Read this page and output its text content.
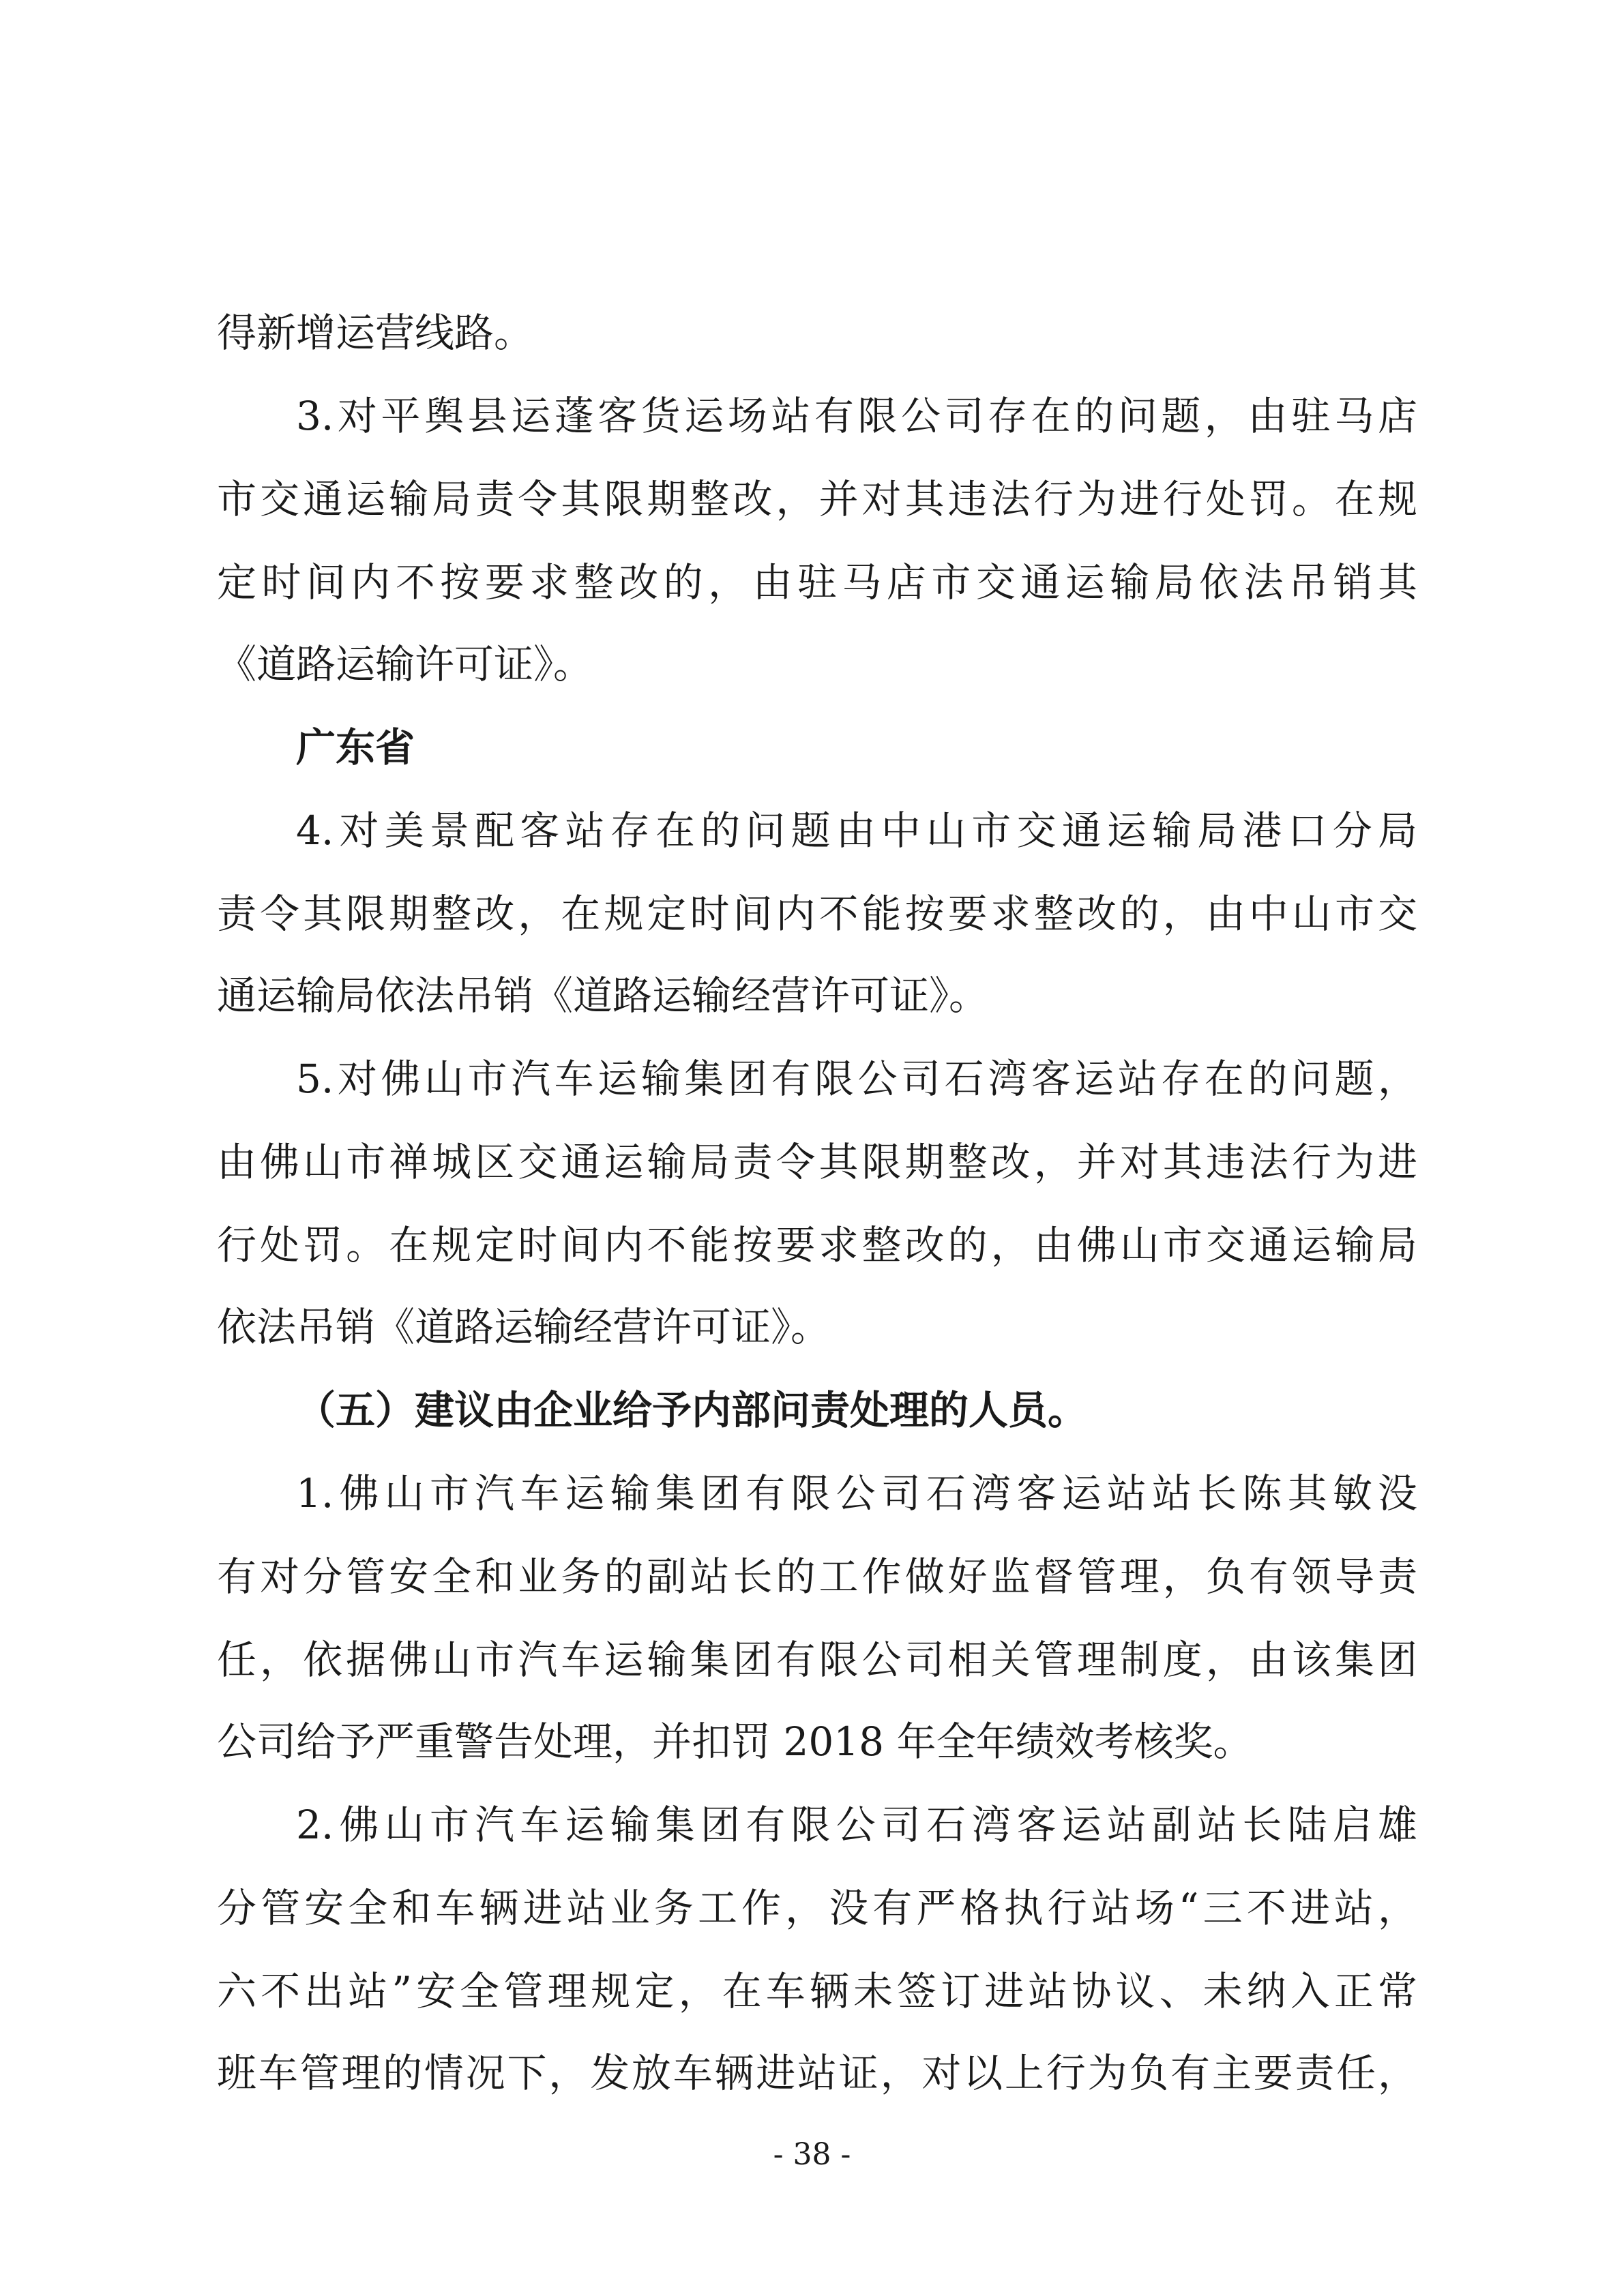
得新增运营线路。
3.对平舆县运蓬客货运场站有限公司存在的问题，由驻马店
市交通运输局责令其限期整改，并对其违法行为进行处罚。在规
定时间内不按要求整改的，由驻马店市交通运输局依法吊销其
《道路运输许可证》。
广东省
4.对美景配客站存在的问题由中山市交通运输局港口分局
责令其限期整改，在规定时间内不能按要求整改的，由中山市交
通运输局依法吊销《道路运输经营许可证》。
5.对佛山市汽车运输集团有限公司石湾客运站存在的问题，
由佛山市禅城区交通运输局责令其限期整改，并对其违法行为进
行处罚。在规定时间内不能按要求整改的，由佛山市交通运输局
依法吊销《道路运输经营许可证》。
（五）建议由企业给予内部问责处理的人员。
1.佛山市汽车运输集团有限公司石湾客运站站长陈其敏没
有对分管安全和业务的副站长的工作做好监督管理，负有领导责
任，依据佛山市汽车运输集团有限公司相关管理制度，由该集团
公司给予严重警告处理，并扣罚 2018 年全年绩效考核奖。
2.佛山市汽车运输集团有限公司石湾客运站副站长陆启雄
分管安全和车辆进站业务工作，没有严格执行站场“三不进站，
六不出站”安全管理规定，在车辆未签订进站协议、未纳入正常
班车管理的情况下，发放车辆进站证，对以上行为负有主要责任，
- 38 -
